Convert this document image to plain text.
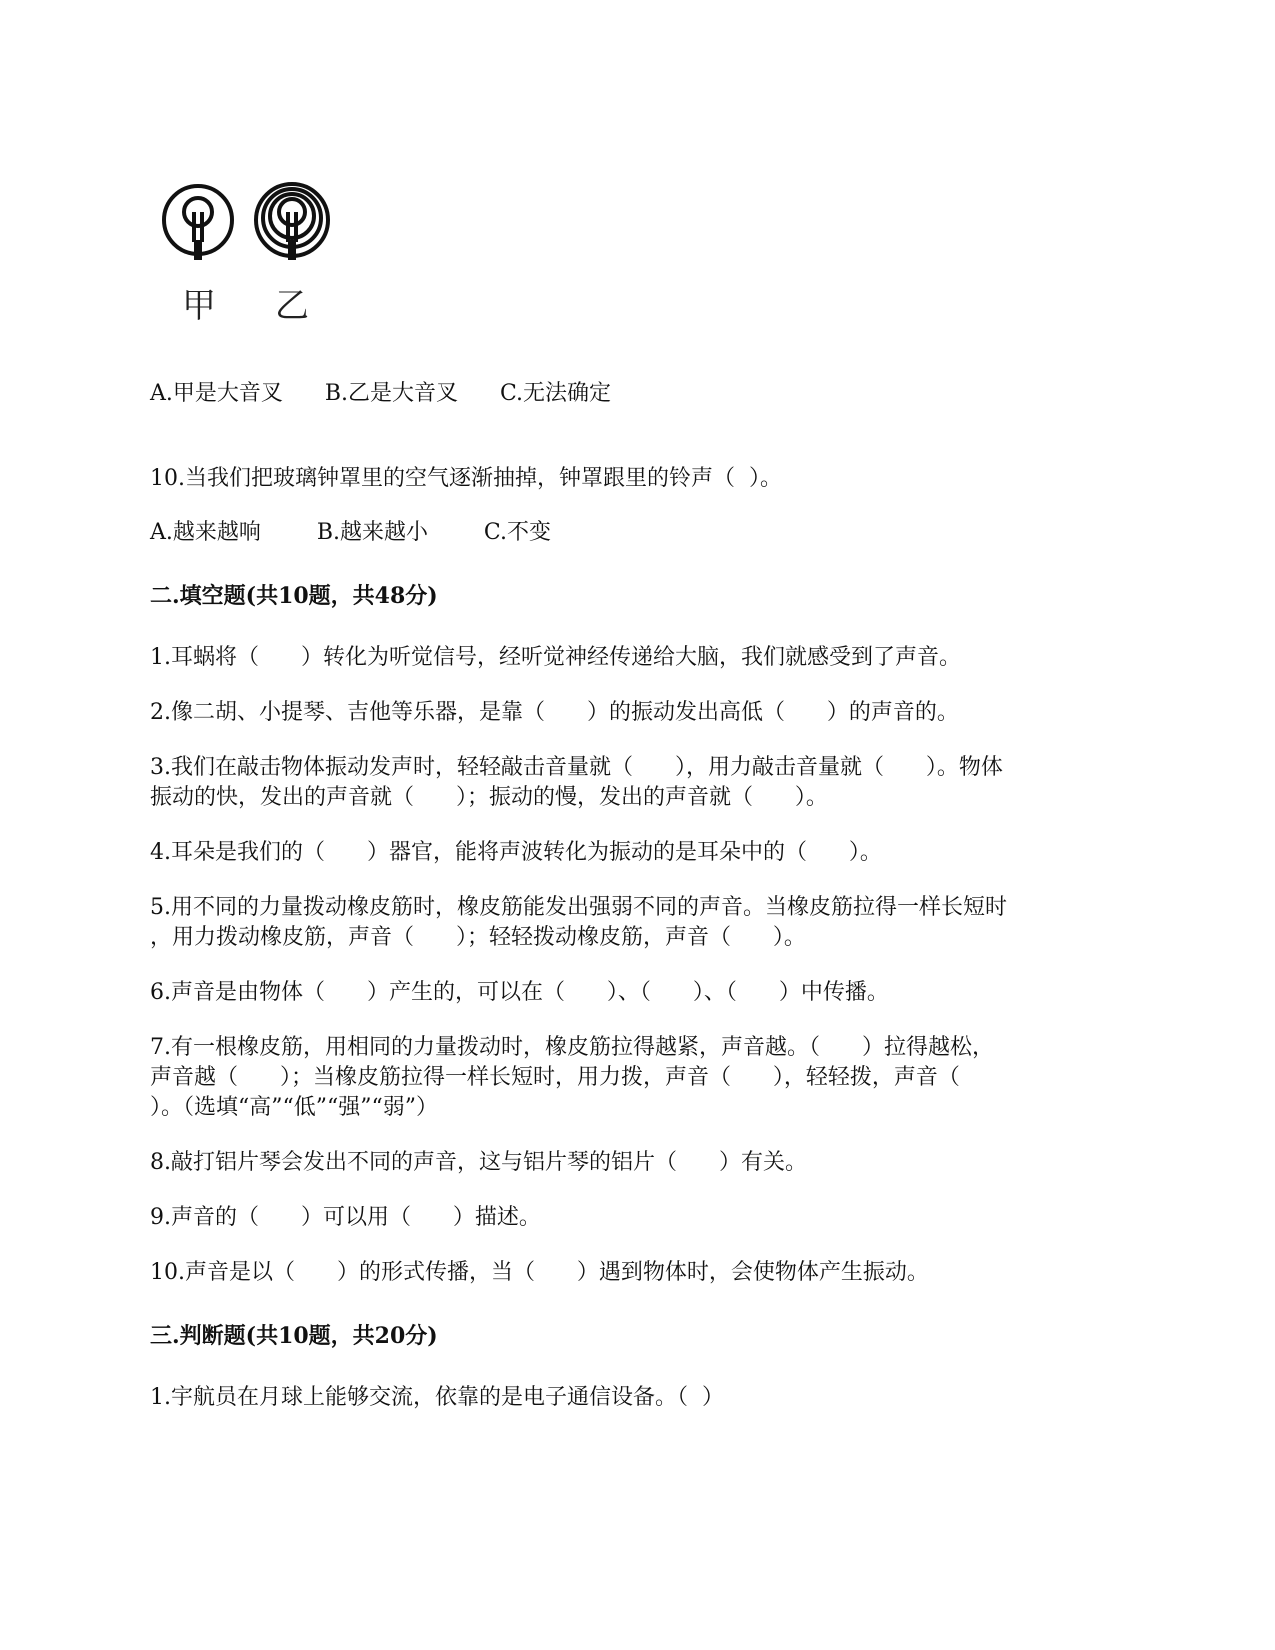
甲 乙
A.甲是大音叉      B.乙是大音叉      C.无法确定
10.当我们把玻璃钟罩里的空气逐渐抽掉，钟罩跟里的铃声（  ）。
A.越来越响        B.越来越小        C.不变
二.填空题(共10题，共48分)
1.耳蜗将（      ）转化为听觉信号，经听觉神经传递给大脑，我们就感受到了声音。
2.像二胡、小提琴、吉他等乐器，是靠（      ）的振动发出高低（      ）的声音的。
3.我们在敲击物体振动发声时，轻轻敲击音量就（      ），用力敲击音量就（      ）。物体
振动的快，发出的声音就（      ）；振动的慢，发出的声音就（      ）。
4.耳朵是我们的（      ）器官，能将声波转化为振动的是耳朵中的（      ）。
5.用不同的力量拨动橡皮筋时，橡皮筋能发出强弱不同的声音。当橡皮筋拉得一样长短时
，用力拨动橡皮筋，声音（      ）；轻轻拨动橡皮筋，声音（      ）。
6.声音是由物体（      ）产生的，可以在（      ）、（      ）、（      ）中传播。
7.有一根橡皮筋，用相同的力量拨动时，橡皮筋拉得越紧，声音越。（      ）拉得越松，
声音越（      ）；当橡皮筋拉得一样长短时，用力拨，声音（      ），轻轻拨，声音（
）。（选填“高”“低”“强”“弱”）
8.敲打铝片琴会发出不同的声音，这与铝片琴的铝片（      ）有关。
9.声音的（      ）可以用（      ）描述。
10.声音是以（      ）的形式传播，当（      ）遇到物体时，会使物体产生振动。
三.判断题(共10题，共20分)
1.宇航员在月球上能够交流，依靠的是电子通信设备。（  ）
